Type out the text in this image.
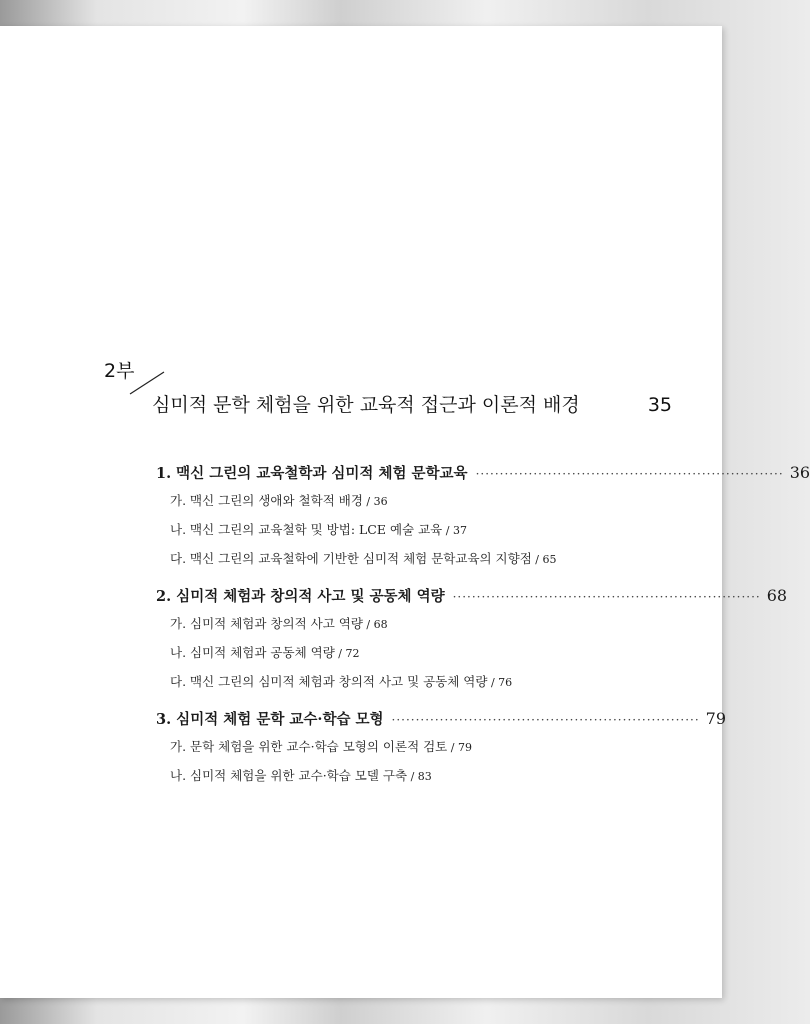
2부
심미적 문학 체험을 위한 교육적 접근과 이론적 배경	35
1. 맥신 그린의 교육철학과 심미적 체험 문학교육 ································································ 36
가. 맥신 그린의 생애와 철학적 배경 / 36
나. 맥신 그린의 교육철학 및 방법: LCE 예술 교육 / 37
다. 맥신 그린의 교육철학에 기반한 심미적 체험 문학교육의 지향점 / 65
2. 심미적 체험과 창의적 사고 및 공동체 역량 ································································ 68
가. 심미적 체험과 창의적 사고 역량 / 68
나. 심미적 체험과 공동체 역량 / 72
다. 맥신 그린의 심미적 체험과 창의적 사고 및 공동체 역량 / 76
3. 심미적 체험 문학 교수·학습 모형 ································································ 79
가. 문학 체험을 위한 교수·학습 모형의 이론적 검토 / 79
나. 심미적 체험을 위한 교수·학습 모델 구축 / 83
